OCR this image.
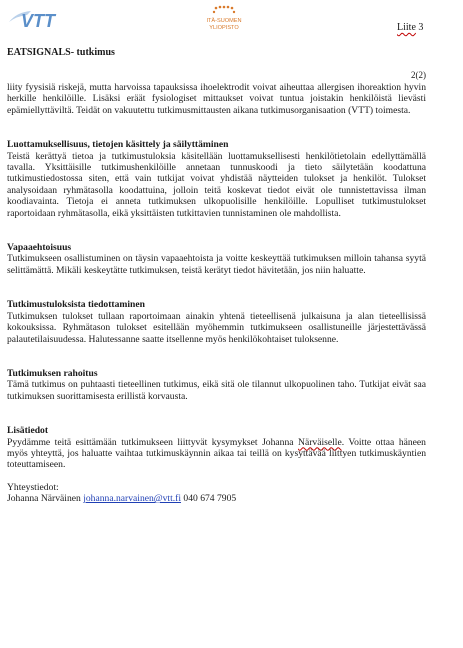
VTT	ITÄ-SUOMEN
YLIOPISTO	Liite 3
EATSIGNALS- tutkimus
2(2)

liity fyysisiä riskejä, mutta harvoissa tapauksissa ihoelektrodit voivat aiheuttaa allergisen ihoreaktion hyvin herkille henkilöille. Lisäksi eräät fysiologiset mittaukset voivat tuntua joistakin henkilöistä lievästi epämiellyttäviltä. Teidät on vakuutettu tutkimusmittausten aikana tutkimusorganisaation (VTT) toimesta.

Luottamuksellisuus, tietojen käsittely ja säilyttäminen

Teistä kerättyä tietoa ja tutkimustuloksia käsitellään luottamuksellisesti henkilötietolain edellyttämällä tavalla. Yksittäisille tutkimushenkilöille annetaan tunnuskoodi ja tieto säilytetään koodattuna tutkimustiedostossa siten, että vain tutkijat voivat yhdistää näytteiden tulokset ja henkilöt. Tulokset analysoidaan ryhmätasolla koodattuina, jolloin teitä koskevat tiedot eivät ole tunnistettavissa ilman koodiavainta. Tietoja ei anneta tutkimuksen ulkopuolisille henkilöille. Lopulliset tutkimustulokset raportoidaan ryhmätasolla, eikä yksittäisten tutkittavien tunnistaminen ole mahdollista.

Vapaaehtoisuus

Tutkimukseen osallistuminen on täysin vapaaehtoista ja voitte keskeyttää tutkimuksen milloin tahansa syytä selittämättä. Mikäli keskeytätte tutkimuksen, teistä kerätyt tiedot hävitetään, jos niin haluatte.

Tutkimustuloksista tiedottaminen

Tutkimuksen tulokset tullaan raportoimaan ainakin yhtenä tieteellisenä julkaisuna ja alan tieteellisissä kokouksissa. Ryhmätason tulokset esitellään myöhemmin tutkimukseen osallistuneille järjestettävässä palautetilaisuudessa. Halutessanne saatte itsellenne myös henkilökohtaiset tuloksenne.

Tutkimuksen rahoitus

Tämä tutkimus on puhtaasti tieteellinen tutkimus, eikä sitä ole tilannut ulkopuolinen taho. Tutkijat eivät saa tutkimuksen suorittamisesta erillistä korvausta.

Lisätiedot

Pyydämme teitä esittämään tutkimukseen liittyvät kysymykset Johanna Närväiselle. Voitte ottaa häneen myös yhteyttä, jos haluatte vaihtaa tutkimuskäynnin aikaa tai teillä on kysyttävää liittyen tutkimuskäyntien toteuttamiseen.

Yhteystiedot:

Johanna Närväinen johanna.narvainen@vtt.fi 040 674 7905
